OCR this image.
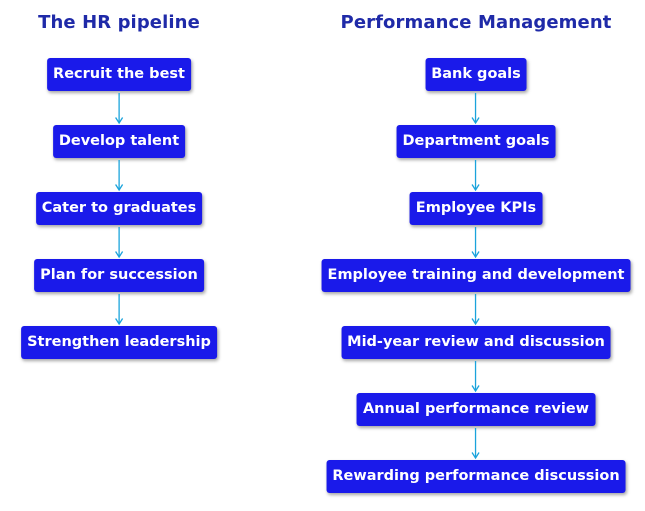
The HR pipeline	Performance Management
Recruit the best
Develop talent
Cater to graduates
Plan for succession
Strengthen leadership
Bank goals
Department goals
Employee KPIs
Employee training and development
Mid-year review and discussion
Annual performance review
Rewarding performance discussion
